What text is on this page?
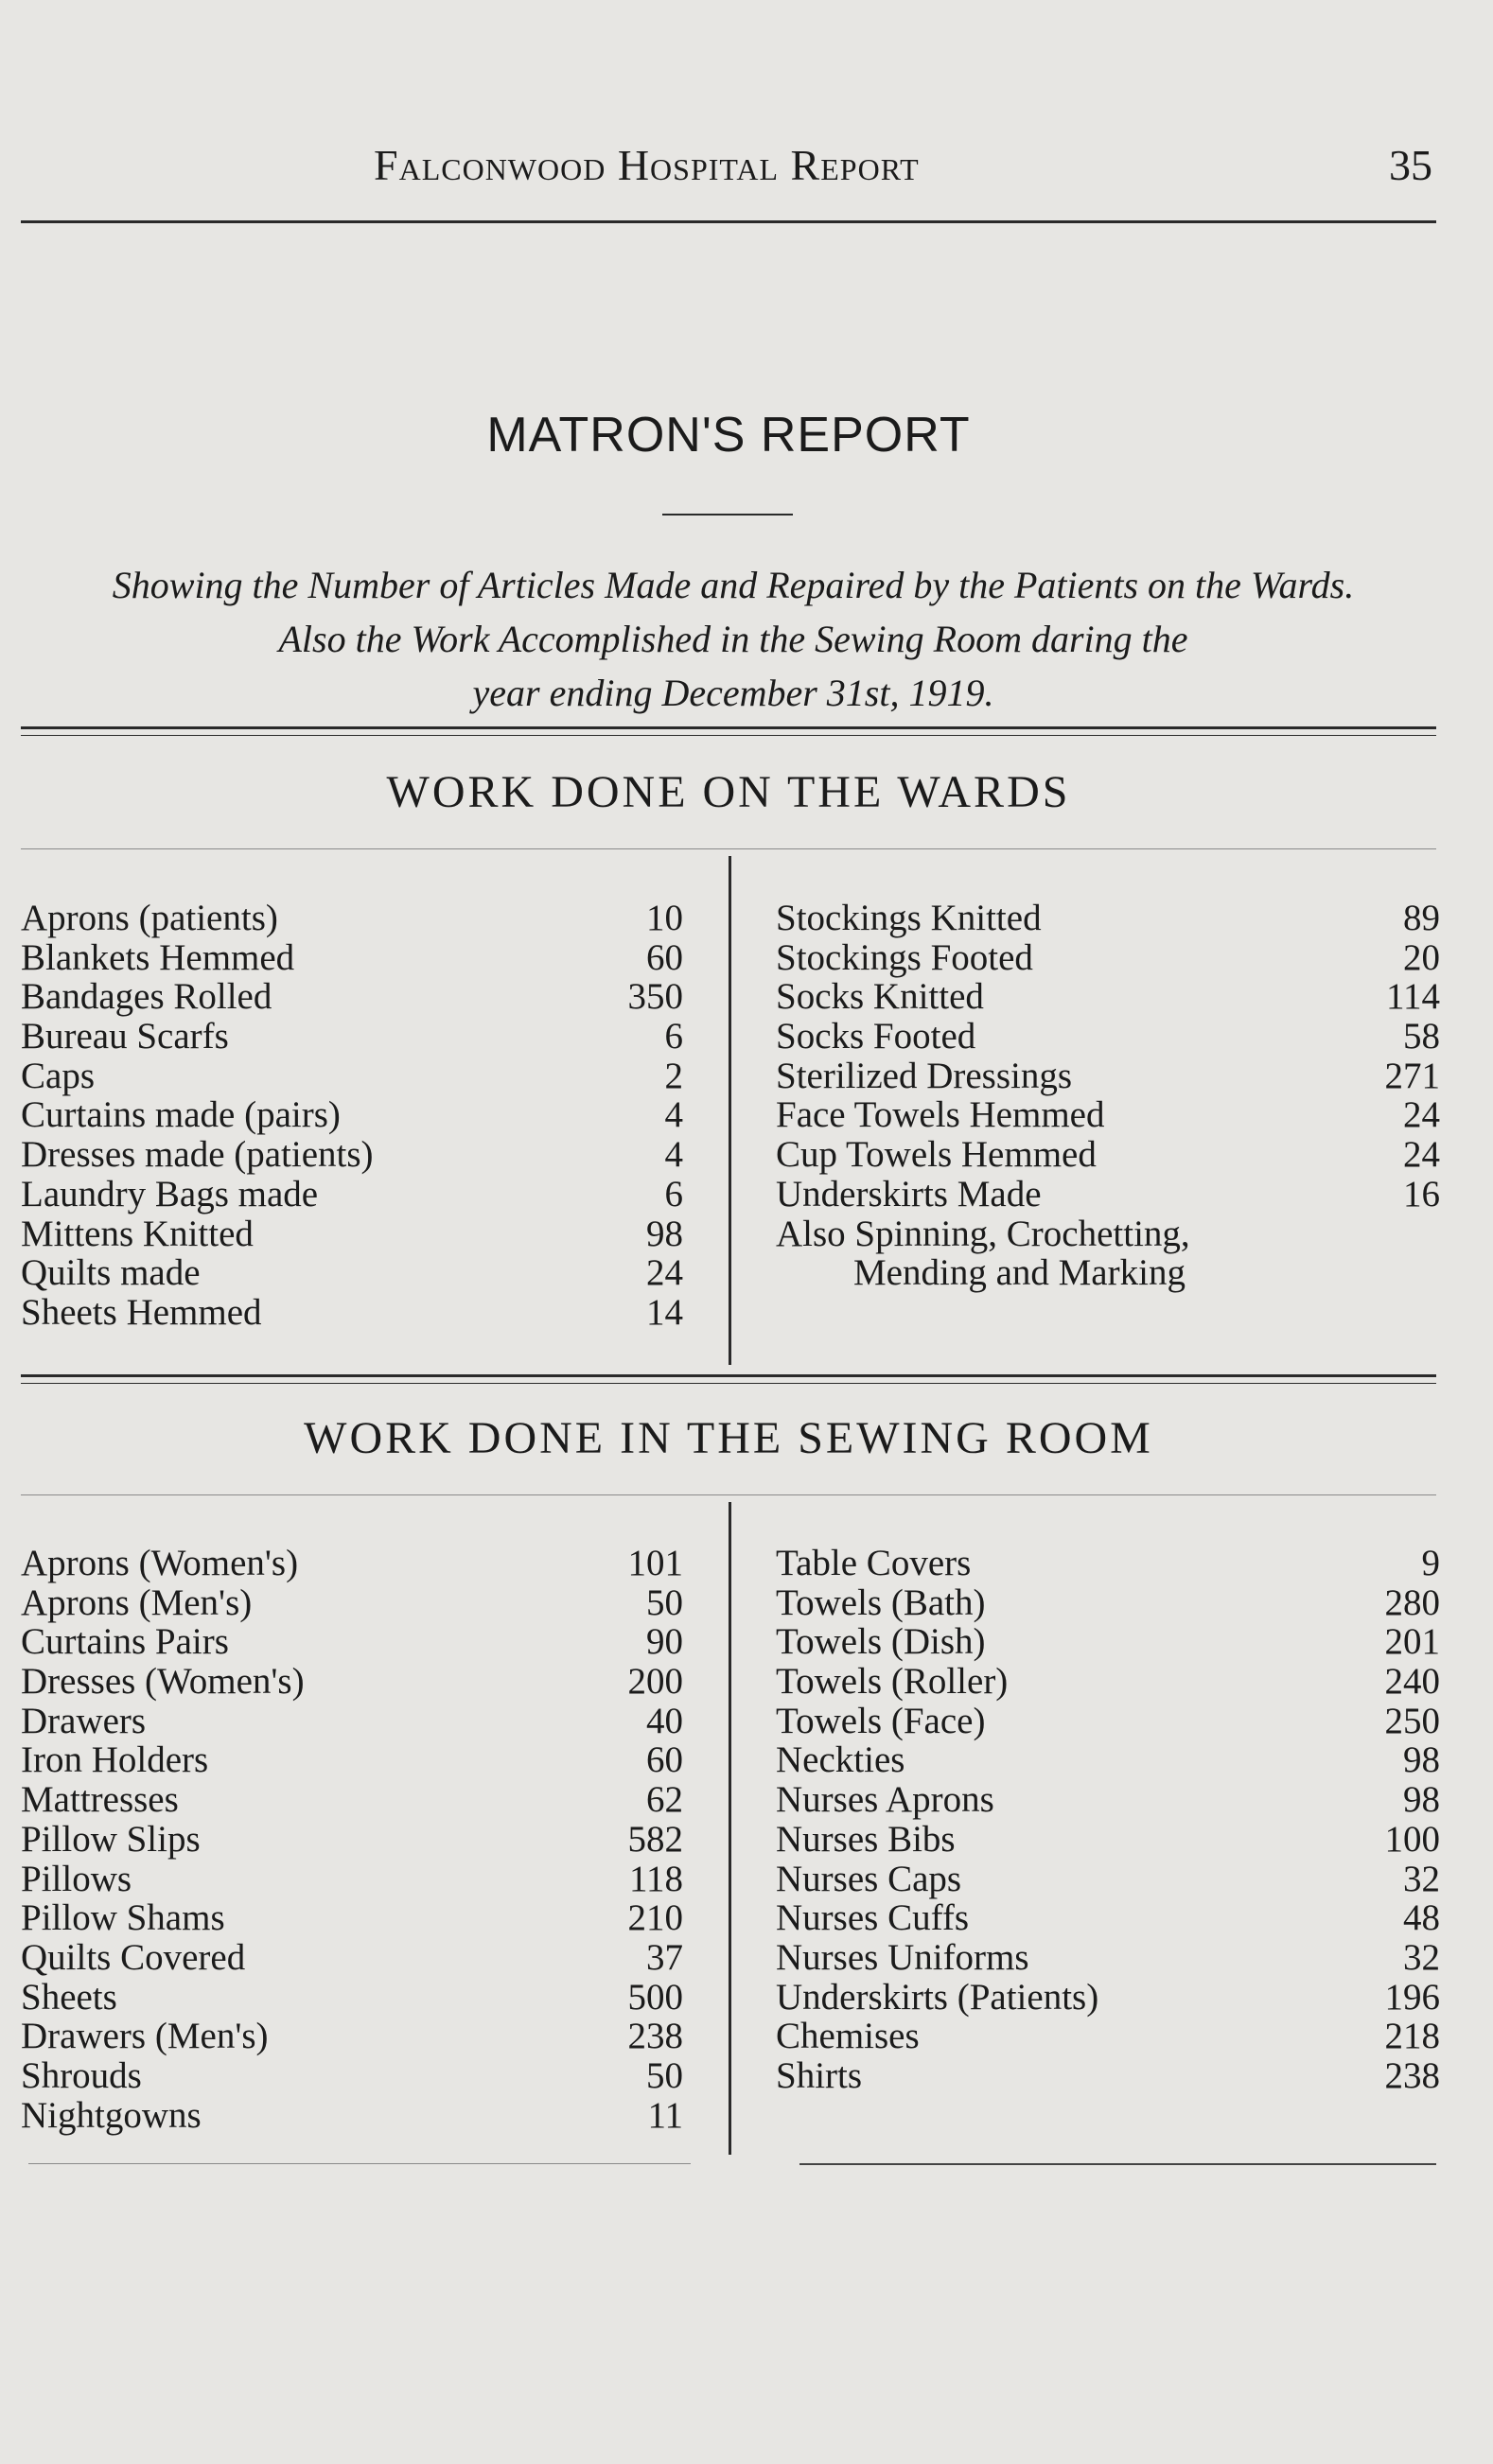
Falconwood Hospital Report	35
MATRON'S REPORT
Showing the Number of Articles Made and Repaired by the Patients on the Wards.
Also the Work Accomplished in the Sewing Room daring the
year ending December 31st, 1919.
WORK DONE ON THE WARDS
Aprons (patients)	10
Blankets Hemmed	60
Bandages Rolled	350
Bureau Scarfs	6
Caps	2
Curtains made (pairs)	4
Dresses made (patients)	4
Laundry Bags made	6
Mittens Knitted	98
Quilts made	24
Sheets Hemmed	14
Stockings Knitted	89
Stockings Footed	20
Socks Knitted	114
Socks Footed	58
Sterilized Dressings	271
Face Towels Hemmed	24
Cup Towels Hemmed	24
Underskirts Made	16
Also Spinning, Crochetting,
Mending and Marking
WORK DONE IN THE SEWING ROOM
Aprons (Women's)	101
Aprons (Men's)	50
Curtains Pairs	90
Dresses (Women's)	200
Drawers	40
Iron Holders	60
Mattresses	62
Pillow Slips	582
Pillows	118
Pillow Shams	210
Quilts Covered	37
Sheets	500
Drawers (Men's)	238
Shrouds	50
Nightgowns	11
Table Covers	9
Towels (Bath)	280
Towels (Dish)	201
Towels (Roller)	240
Towels (Face)	250
Neckties	98
Nurses Aprons	98
Nurses Bibs	100
Nurses Caps	32
Nurses Cuffs	48
Nurses Uniforms	32
Underskirts (Patients)	196
Chemises	218
Shirts	238
